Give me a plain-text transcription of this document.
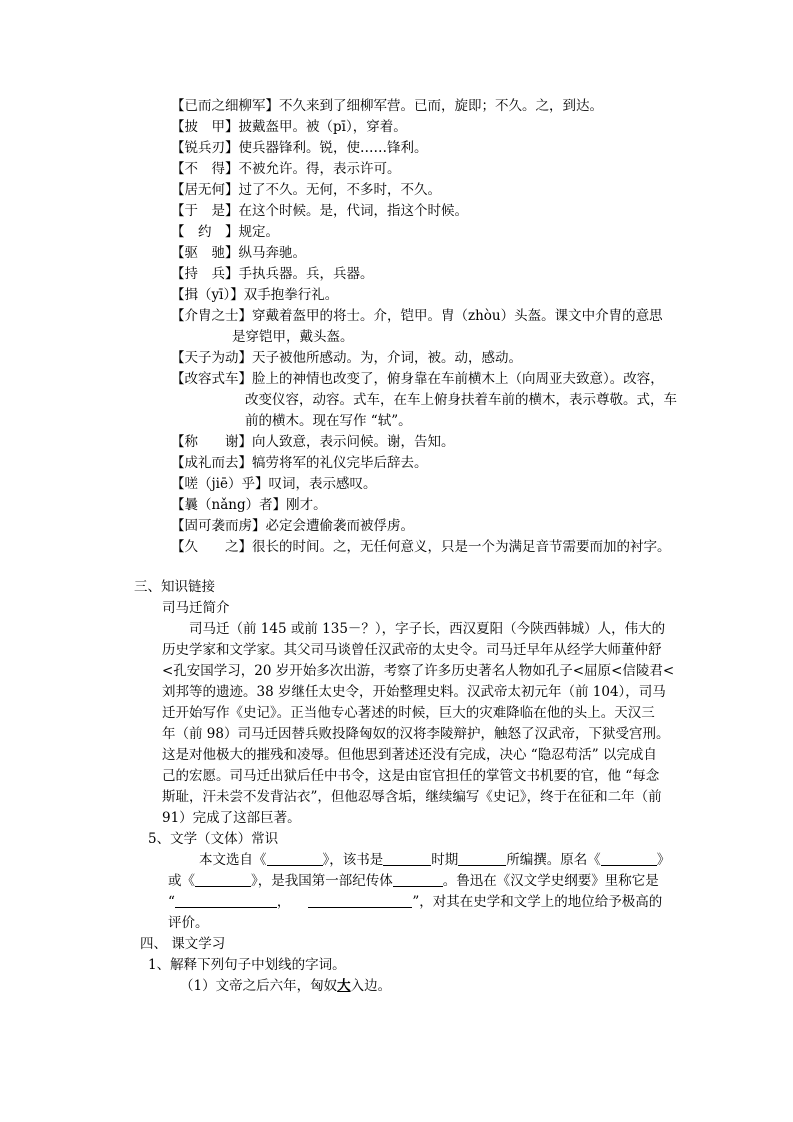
【已而之细柳军】不久来到了细柳军营。已而，旋即；不久。之，到达。
【披　甲】披戴盔甲。被（pī），穿着。
【锐兵刃】使兵器锋利。锐，使……锋利。
【不　得】不被允许。得，表示许可。
【居无何】过了不久。无何，不多时，不久。
【于　是】在这个时候。是，代词，指这个时候。
【　约　】规定。
【驱　驰】纵马奔驰。
【持　兵】手执兵器。兵，兵器。
【揖（yī）】双手抱拳行礼。
【介胄之士】穿戴着盔甲的将士。介，铠甲。胄（zhòu）头盔。课文中介胄的意思
是穿铠甲，戴头盔。
【天子为动】天子被他所感动。为，介词，被。动，感动。
【改容式车】脸上的神情也改变了，俯身靠在车前横木上（向周亚夫致意）。改容，
改变仪容，动容。式车，在车上俯身扶着车前的横木，表示尊敬。式，车
前的横木。现在写作 “轼”。
【称　　谢】向人致意，表示问候。谢，告知。
【成礼而去】犒劳将军的礼仪完毕后辞去。
【嗟（jiē）乎】叹词，表示感叹。
【曩（nǎng）者】刚才。
【固可袭而虏】必定会遭偷袭而被俘虏。
【久　　之】很长的时间。之，无任何意义，只是一个为满足音节需要而加的衬字。
三、知识链接
司马迁简介
司马迁（前 145 或前 135－？），字子长，西汉夏阳（今陕西韩城）人，伟大的
历史学家和文学家。其父司马谈曾任汉武帝的太史令。司马迁早年从经学大师董仲舒
<孔安国学习，20 岁开始多次出游，考察了许多历史著名人物如孔子<屈原<信陵君<
刘邦等的遗迹。38 岁继任太史令，开始整理史料。汉武帝太初元年（前 104），司马
迁开始写作《史记》。正当他专心著述的时候，巨大的灾难降临在他的头上。天汉三
年（前 98）司马迁因替兵败投降匈奴的汉将李陵辩护，触怒了汉武帝，下狱受宫刑。
这是对他极大的摧残和凌辱。但他思到著述还没有完成，决心 “隐忍苟活” 以完成自
己的宏愿。司马迁出狱后任中书令，这是由宦官担任的掌管文书机要的官，他 “每念
斯耻，汗未尝不发背沾衣”，但他忍辱含垢，继续编写《史记》，终于在征和二年（前
91）完成了这部巨著。
5、文学（文体）常识
本文选自《	》，该书是	时期	所编撰。原名《	》
或《	》，是我国第一部纪传体	。鲁迅在《汉文学史纲要》里称它是
“	，	”，对其在史学和文学上的地位给予极高的
评价。
四、 课文学习
1、解释下列句子中划线的字词。
（1）文帝之后六年，匈奴大入边。
